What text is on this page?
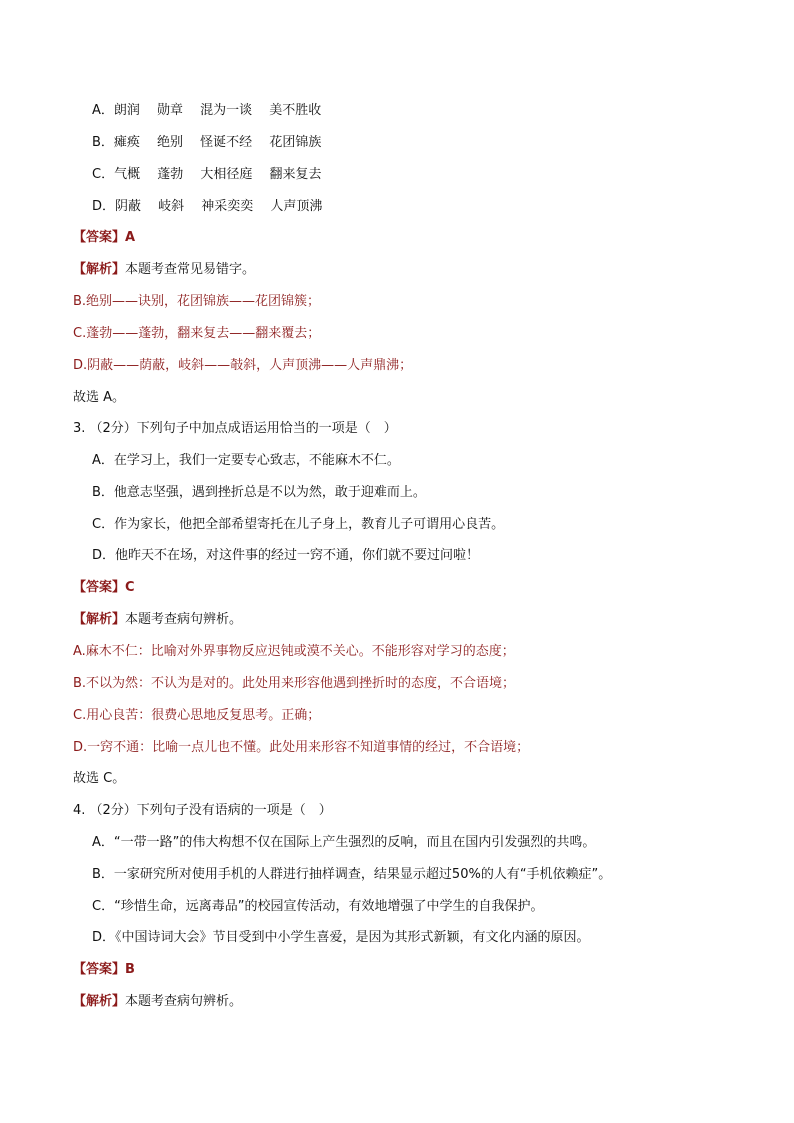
A．朗润　 勋章　 混为一谈　 美不胜收
B．瘫痪　 绝别　 怪诞不经　 花团锦族
C．气概　 蓬勃　 大相径庭　 翻来复去
D．阴蔽　 岐斜　 神采奕奕　 人声顶沸
【答案】A
【解析】本题考查常见易错字。
B.绝别——诀别，花团锦族——花团锦簇；
C.蓬勃——蓬勃，翻来复去——翻来覆去；
D.阴蔽——荫蔽，岐斜——攲斜，人声顶沸——人声鼎沸；
故选 A。
3. （2分）下列句子中加点成语运用恰当的一项是（　）
A．在学习上，我们一定要专心致志，不能麻木不仁。
B．他意志坚强，遇到挫折总是不以为然，敢于迎难而上。
C．作为家长，他把全部希望寄托在儿子身上，教育儿子可谓用心良苦。
D．他昨天不在场，对这件事的经过一窍不通，你们就不要过问啦！
【答案】C
【解析】本题考查病句辨析。
A.麻木不仁：比喻对外界事物反应迟钝或漠不关心。不能形容对学习的态度；
B.不以为然：不认为是对的。此处用来形容他遇到挫折时的态度，不合语境；
C.用心良苦：很费心思地反复思考。正确；
D.一窍不通：比喻一点儿也不懂。此处用来形容不知道事情的经过，不合语境；
故选 C。
4. （2分）下列句子没有语病的一项是（　）
A．“一带一路”的伟大构想不仅在国际上产生强烈的反响，而且在国内引发强烈的共鸣。
B．一家研究所对使用手机的人群进行抽样调查，结果显示超过50%的人有“手机依赖症”。
C．“珍惜生命，远离毒品”的校园宣传活动，有效地增强了中学生的自我保护。
D．《中国诗词大会》节目受到中小学生喜爱，是因为其形式新颖，有文化内涵的原因。
【答案】B
【解析】本题考查病句辨析。
